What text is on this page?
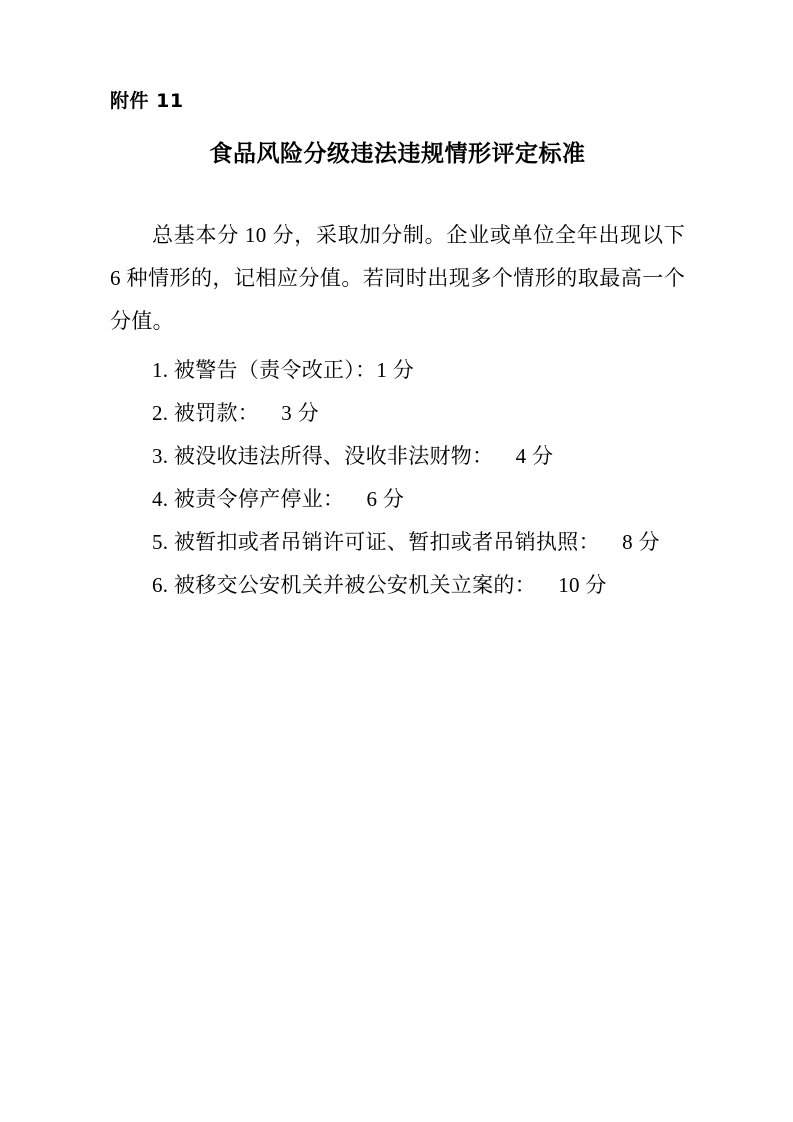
附件 11
食品风险分级违法违规情形评定标准

总基本分 10 分，采取加分制。企业或单位全年出现以下 6 种情形的，记相应分值。若同时出现多个情形的取最高一个分值。

1. 被警告（责令改正）：1 分

2. 被罚款：    3 分

3. 被没收违法所得、没收非法财物：    4 分

4. 被责令停产停业：    6 分

5. 被暂扣或者吊销许可证、暂扣或者吊销执照：    8 分

6. 被移交公安机关并被公安机关立案的：    10 分
